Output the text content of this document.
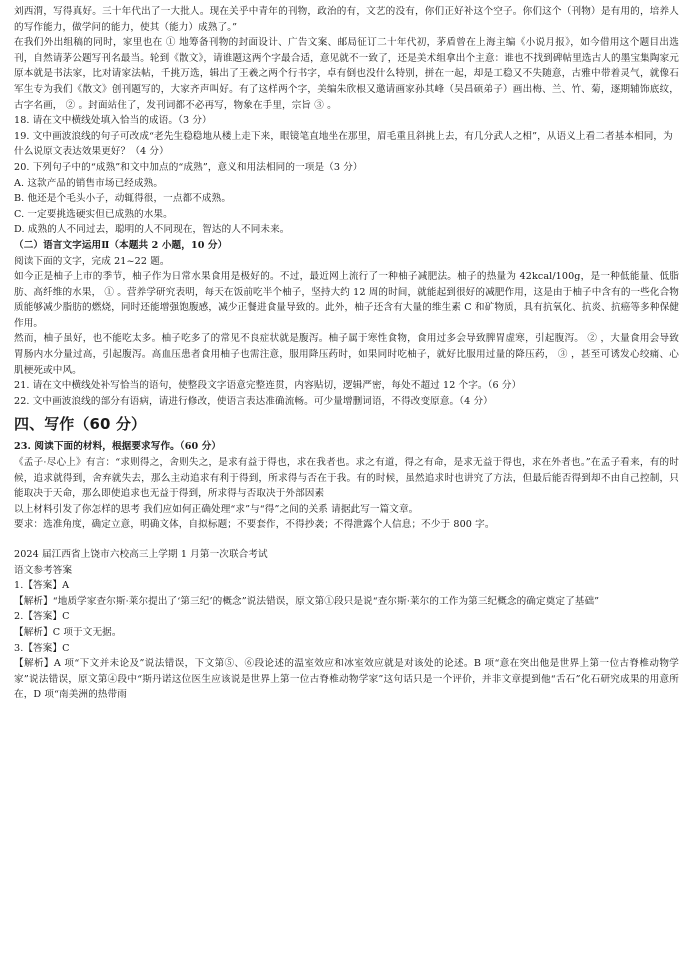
刘西渭，写得真好。三十年代出了一大批人。现在关乎中青年的刊物，政治的有，文艺的没有，你们正好补这个空子。你们这个（刊物）是有用的，培养人的写作能力，做学问的能力，使其（能力）成熟了。”

在我们外出组稿的同时，家里也在 ① 地筹备刊物的封面设计、广告文案、邮局征订二十年代初，茅盾曾在上海主编《小说月报》，如今借用这个题目出选刊，自然请茅公题写刊名最当。轮到《散文》，请谁题这两个字最合适，意见就不一致了，还是美术组拿出个主意：谁也不找到碑帖里选古人的墨宝集陶家元原本就是书法家，比对请家法帖，千挑万选，辑出了王羲之两个行书字，卓有倒也没什么特别，拼在一起，却是工稳又不失随意，古雅中带着灵气，就像石军生专为我们《散文》创刊题写的，大家齐声叫好。有了这样两个字，美编朱欣根又邀请画家孙其峰（吴昌硕弟子）画出梅、兰、竹、菊，逐期辅饰底纹，古字名画， ② 。封面站住了，发刊词都不必再写，物象在手里，宗旨 ③ 。

18. 请在文中横线处填入恰当的成语。（3 分）

19. 文中画波浪线的句子可改成“老先生稳稳地从楼上走下来，眼镜笔直地坐在那里，眉毛重且斜挑上去，有几分武人之相”，从语义上看二者基本相同，为什么说原文表达效果更好？（4 分）

20. 下列句子中的“成熟”和文中加点的“成熟”，意义和用法相同的一项是（3 分）

A. 这款产品的销售市场已经成熟。

B. 他还是个毛头小子，动辄得很，一点都不成熟。

C. 一定要挑选硬实但已成熟的水果。

D. 成熟的人不同过去，聪明的人不同现在，智达的人不同未来。

（二）语言文字运用Ⅱ（本题共 2 小题，10 分）

阅读下面的文字，完成 21~22 题。

如今正是柚子上市的季节，柚子作为日常水果食用是极好的。不过，最近网上流行了一种柚子减肥法。柚子的热量为 42kcal/100g，是一种低能量、低脂肪、高纤维的水果， ① 。营养学研究表明，每天在饭前吃半个柚子，坚持大约 12 周的时间，就能起到很好的减肥作用，这是由于柚子中含有的一些化合物质能够减少脂肪的燃烧，同时还能增强饱腹感，减少正餐进食量导致的。此外，柚子还含有大量的维生素 C 和矿物质，具有抗氧化、抗炎、抗癌等多种保健作用。

然而，柚子虽好，也不能吃太多。柚子吃多了的常见不良症状就是腹泻。柚子属于寒性食物，食用过多会导致脾胃虚寒，引起腹泻。 ② ，大量食用会导致胃肠内水分量过高，引起腹泻。高血压患者食用柚子也需注意，服用降压药时，如果同时吃柚子，就好比服用过量的降压药， ③ ，甚至可诱发心绞痛、心肌梗死或中风。

21. 请在文中横线处补写恰当的语句，使整段文字语意完整连贯，内容贴切，逻辑严密，每处不超过 12 个字。（6 分）

22. 文中画波浪线的部分有语病，请进行修改，使语言表达准确流畅。可少量增删词语，不得改变原意。（4 分）

四、写作（60 分）

23. 阅读下面的材料，根据要求写作。（60 分）

《孟子·尽心上》有言：“求则得之，舍则失之，是求有益于得也，求在我者也。求之有道，得之有命，是求无益于得也，求在外者也。”在孟子看来，有的时候，追求就得到，舍弃就失去，那么主动追求有利于得到，所求得与否在于我。有的时候，虽然追求时也讲究了方法，但最后能否得到却不由自己控制，只能取决于天命，那么即使追求也无益于得到，所求得与否取决于外部因素

以上材料引发了你怎样的思考 我们应如何正确处理“求”与“得”之间的关系 请据此写一篇文章。

要求：选准角度，确定立意，明确文体，自拟标题；不要套作，不得抄袭；不得泄露个人信息；不少于 800 字。

2024 届江西省上饶市六校高三上学期 1 月第一次联合考试

语文参考答案

1.【答案】A

【解析】“地质学家查尔斯·莱尔提出了‘第三纪’的概念”说法错误，原文第①段只是说“查尔斯·莱尔的工作为第三纪概念的确定奠定了基础”

2.【答案】C

【解析】C 项于文无据。

3.【答案】C

【解析】A 项“下文并未论及”说法错误，下文第⑤、⑥段论述的温室效应和冰室效应就是对该处的论述。B 项“意在突出他是世界上第一位古脊椎动物学家”说法错误，原文第④段中“斯丹诺这位医生应该说是世界上第一位古脊椎动物学家”这句话只是一个评价，并非文章提到他“舌石”化石研究成果的用意所在，D 项“南美洲的热带雨
